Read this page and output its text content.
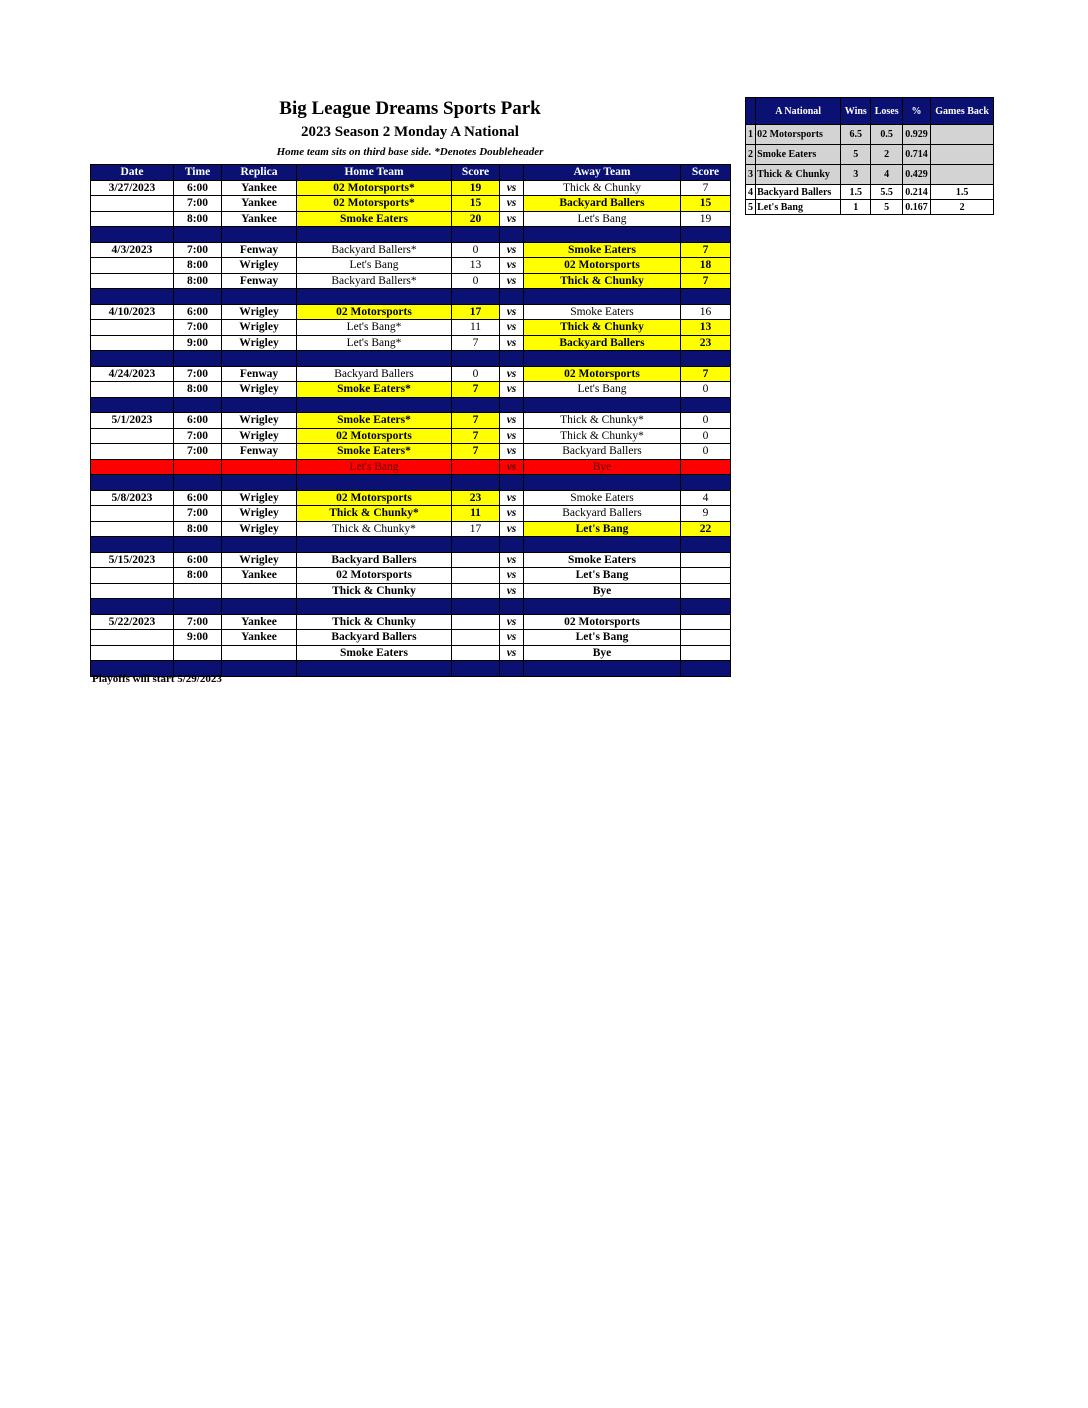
Big League Dreams Sports Park
2023 Season 2 Monday A National
Home team sits on third base side. *Denotes Doubleheader
Date	Time	Replica	Home Team	Score		Away Team	Score
3/27/2023	6:00	Yankee	02 Motorsports*	19	vs	Thick & Chunky	7
	7:00	Yankee	02 Motorsports*	15	vs	Backyard Ballers	15
	8:00	Yankee	Smoke Eaters	20	vs	Let's Bang	19

4/3/2023	7:00	Fenway	Backyard Ballers*	0	vs	Smoke Eaters	7
	8:00	Wrigley	Let's Bang	13	vs	02 Motorsports	18
	8:00	Fenway	Backyard Ballers*	0	vs	Thick & Chunky	7

4/10/2023	6:00	Wrigley	02 Motorsports	17	vs	Smoke Eaters	16
	7:00	Wrigley	Let's Bang*	11	vs	Thick & Chunky	13
	9:00	Wrigley	Let's Bang*	7	vs	Backyard Ballers	23

4/24/2023	7:00	Fenway	Backyard Ballers	0	vs	02 Motorsports	7
	8:00	Wrigley	Smoke Eaters*	7	vs	Let's Bang	0

5/1/2023	6:00	Wrigley	Smoke Eaters*	7	vs	Thick & Chunky*	0
	7:00	Wrigley	02 Motorsports	7	vs	Thick & Chunky*	0
	7:00	Fenway	Smoke Eaters*	7	vs	Backyard Ballers	0
			Let's Bang		vs	Bye	

5/8/2023	6:00	Wrigley	02 Motorsports	23	vs	Smoke Eaters	4
	7:00	Wrigley	Thick & Chunky*	11	vs	Backyard Ballers	9
	8:00	Wrigley	Thick & Chunky*	17	vs	Let's Bang	22

5/15/2023	6:00	Wrigley	Backyard Ballers		vs	Smoke Eaters	
	8:00	Yankee	02 Motorsports		vs	Let's Bang	
			Thick & Chunky		vs	Bye	

5/22/2023	7:00	Yankee	Thick & Chunky		vs	02 Motorsports	
	9:00	Yankee	Backyard Ballers		vs	Let's Bang	
			Smoke Eaters		vs	Bye	

Playoffs will start 5/29/2023
	A National	Wins	Loses	%	Games Back
1	02 Motorsports	6.5	0.5	0.929	
2	Smoke Eaters	5	2	0.714	
3	Thick & Chunky	3	4	0.429	
4	Backyard Ballers	1.5	5.5	0.214	1.5
5	Let's Bang	1	5	0.167	2
